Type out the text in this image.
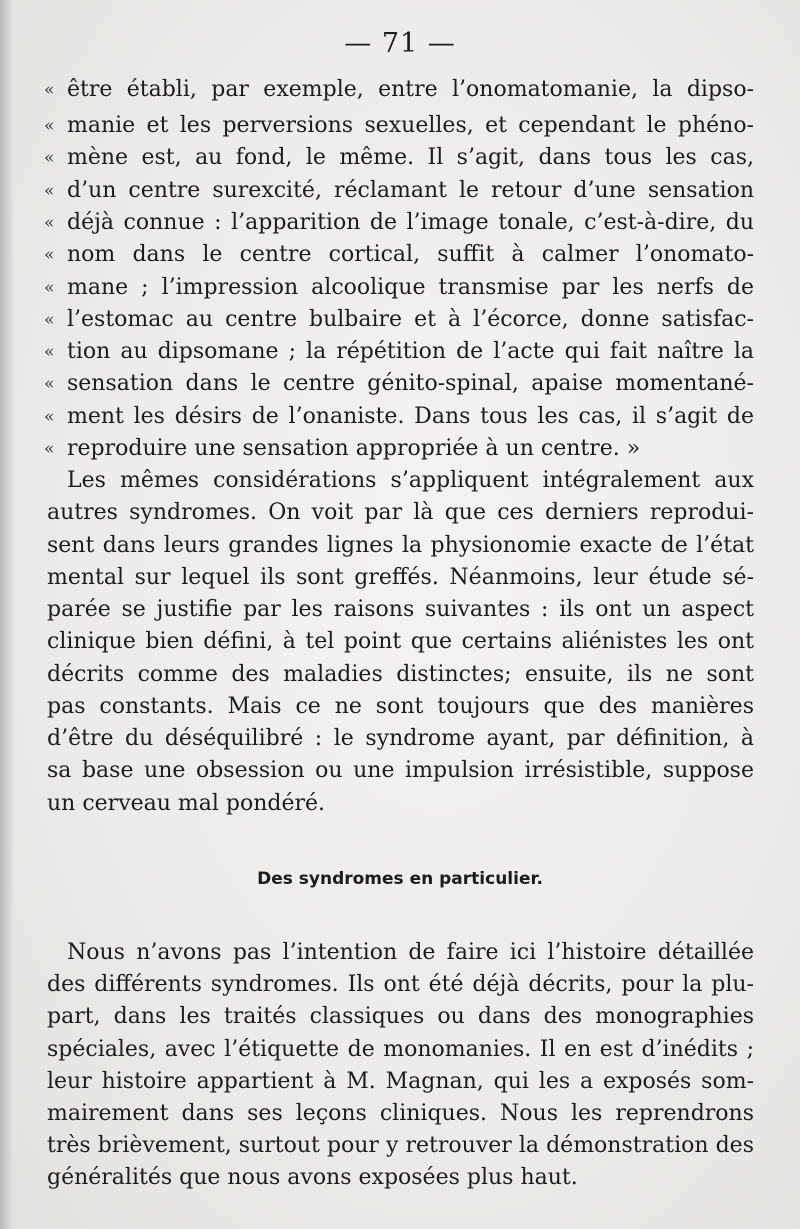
— 71 —
« être établi, par exemple, entre l’onomatomanie, la dipso-
« manie et les perversions sexuelles, et cependant le phéno-
« mène est, au fond, le même. Il s’agit, dans tous les cas,
« d’un centre surexcité, réclamant le retour d’une sensation
« déjà connue : l’apparition de l’image tonale, c’est-à-dire, du
« nom dans le centre cortical, suffit à calmer l’onomato-
« mane ; l’impression alcoolique transmise par les nerfs de
« l’estomac au centre bulbaire et à l’écorce, donne satisfac-
« tion au dipsomane ; la répétition de l’acte qui fait naître la
« sensation dans le centre génito-spinal, apaise momentané-
« ment les désirs de l’onaniste. Dans tous les cas, il s’agit de
« reproduire une sensation appropriée à un centre. »
Les mêmes considérations s’appliquent intégralement aux
autres syndromes. On voit par là que ces derniers reprodui-
sent dans leurs grandes lignes la physionomie exacte de l’état
mental sur lequel ils sont greffés. Néanmoins, leur étude sé-
parée se justifie par les raisons suivantes : ils ont un aspect
clinique bien défini, à tel point que certains aliénistes les ont
décrits comme des maladies distinctes; ensuite, ils ne sont
pas constants. Mais ce ne sont toujours que des manières
d’être du déséquilibré : le syndrome ayant, par définition, à
sa base une obsession ou une impulsion irrésistible, suppose
un cerveau mal pondéré.
Des syndromes en particulier.
Nous n’avons pas l’intention de faire ici l’histoire détaillée
des différents syndromes. Ils ont été déjà décrits, pour la plu-
part, dans les traités classiques ou dans des monographies
spéciales, avec l’étiquette de monomanies. Il en est d’inédits ;
leur histoire appartient à M. Magnan, qui les a exposés som-
mairement dans ses leçons cliniques. Nous les reprendrons
très brièvement, surtout pour y retrouver la démonstration des
généralités que nous avons exposées plus haut.
